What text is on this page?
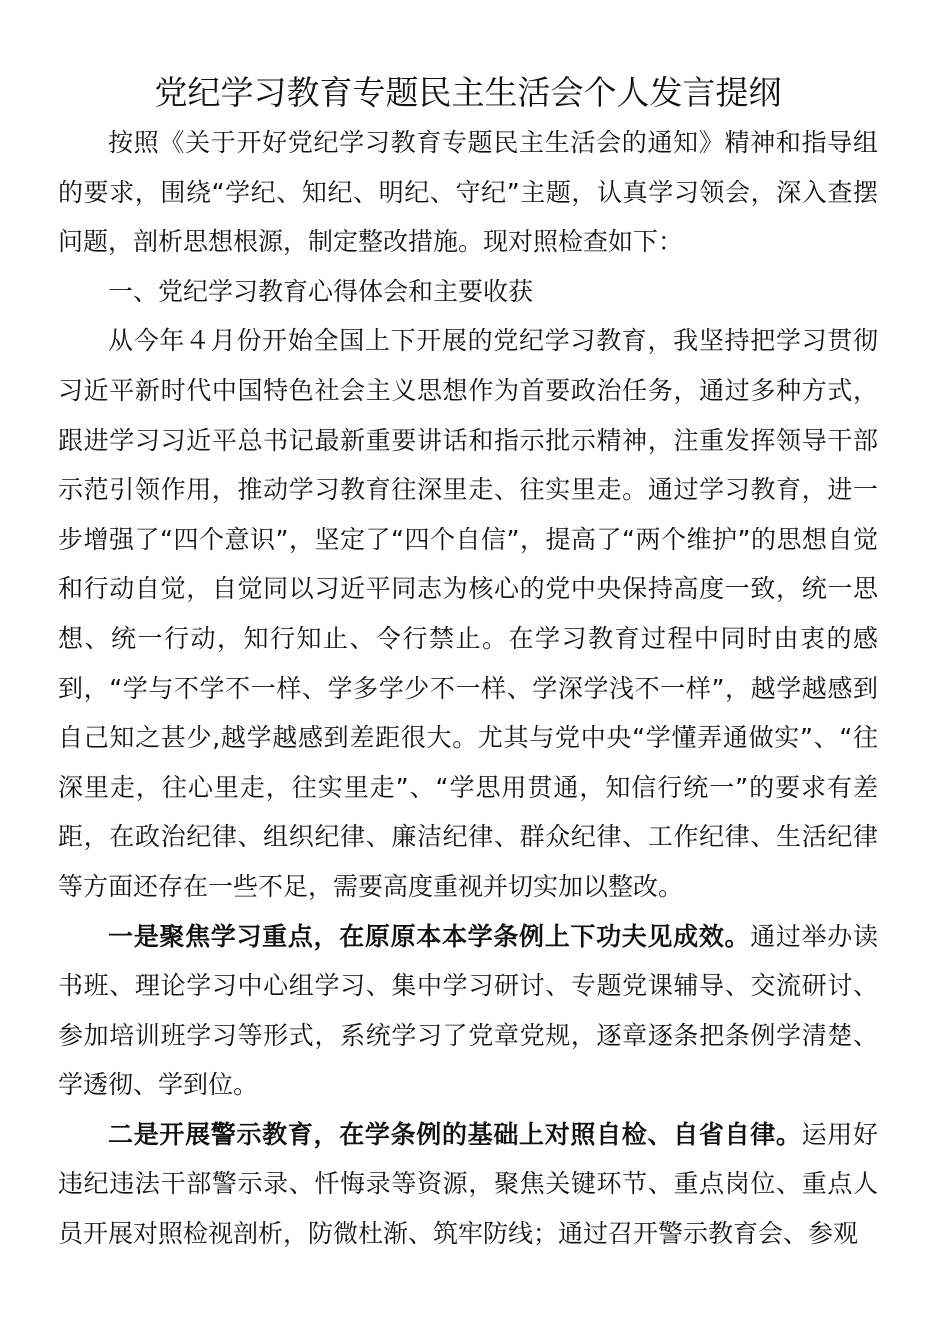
党纪学习教育专题民主生活会个人发言提纲

按照《关于开好党纪学习教育专题民主生活会的通知》精神和指导组的要求，围绕“学纪、知纪、明纪、守纪”主题，认真学习领会，深入查摆问题，剖析思想根源，制定整改措施。现对照检查如下：

一、党纪学习教育心得体会和主要收获

从今年４月份开始全国上下开展的党纪学习教育，我坚持把学习贯彻习近平新时代中国特色社会主义思想作为首要政治任务，通过多种方式，跟进学习习近平总书记最新重要讲话和指示批示精神，注重发挥领导干部示范引领作用，推动学习教育往深里走、往实里走。通过学习教育，进一步增强了“四个意识”，坚定了“四个自信”，提高了“两个维护”的思想自觉和行动自觉，自觉同以习近平同志为核心的党中央保持高度一致，统一思想、统一行动，知行知止、令行禁止。在学习教育过程中同时由衷的感到，“学与不学不一样、学多学少不一样、学深学浅不一样”，越学越感到自己知之甚少,越学越感到差距很大。尤其与党中央“学懂弄通做实”、“往深里走，往心里走，往实里走”、“学思用贯通，知信行统一”的要求有差距，在政治纪律、组织纪律、廉洁纪律、群众纪律、工作纪律、生活纪律等方面还存在一些不足，需要高度重视并切实加以整改。

一是聚焦学习重点，在原原本本学条例上下功夫见成效。通过举办读书班、理论学习中心组学习、集中学习研讨、专题党课辅导、交流研讨、参加培训班学习等形式，系统学习了党章党规，逐章逐条把条例学清楚、学透彻、学到位。

二是开展警示教育，在学条例的基础上对照自检、自省自律。运用好违纪违法干部警示录、忏悔录等资源，聚焦关键环节、重点岗位、重点人员开展对照检视剖析，防微杜渐、筑牢防线；通过召开警示教育会、参观
